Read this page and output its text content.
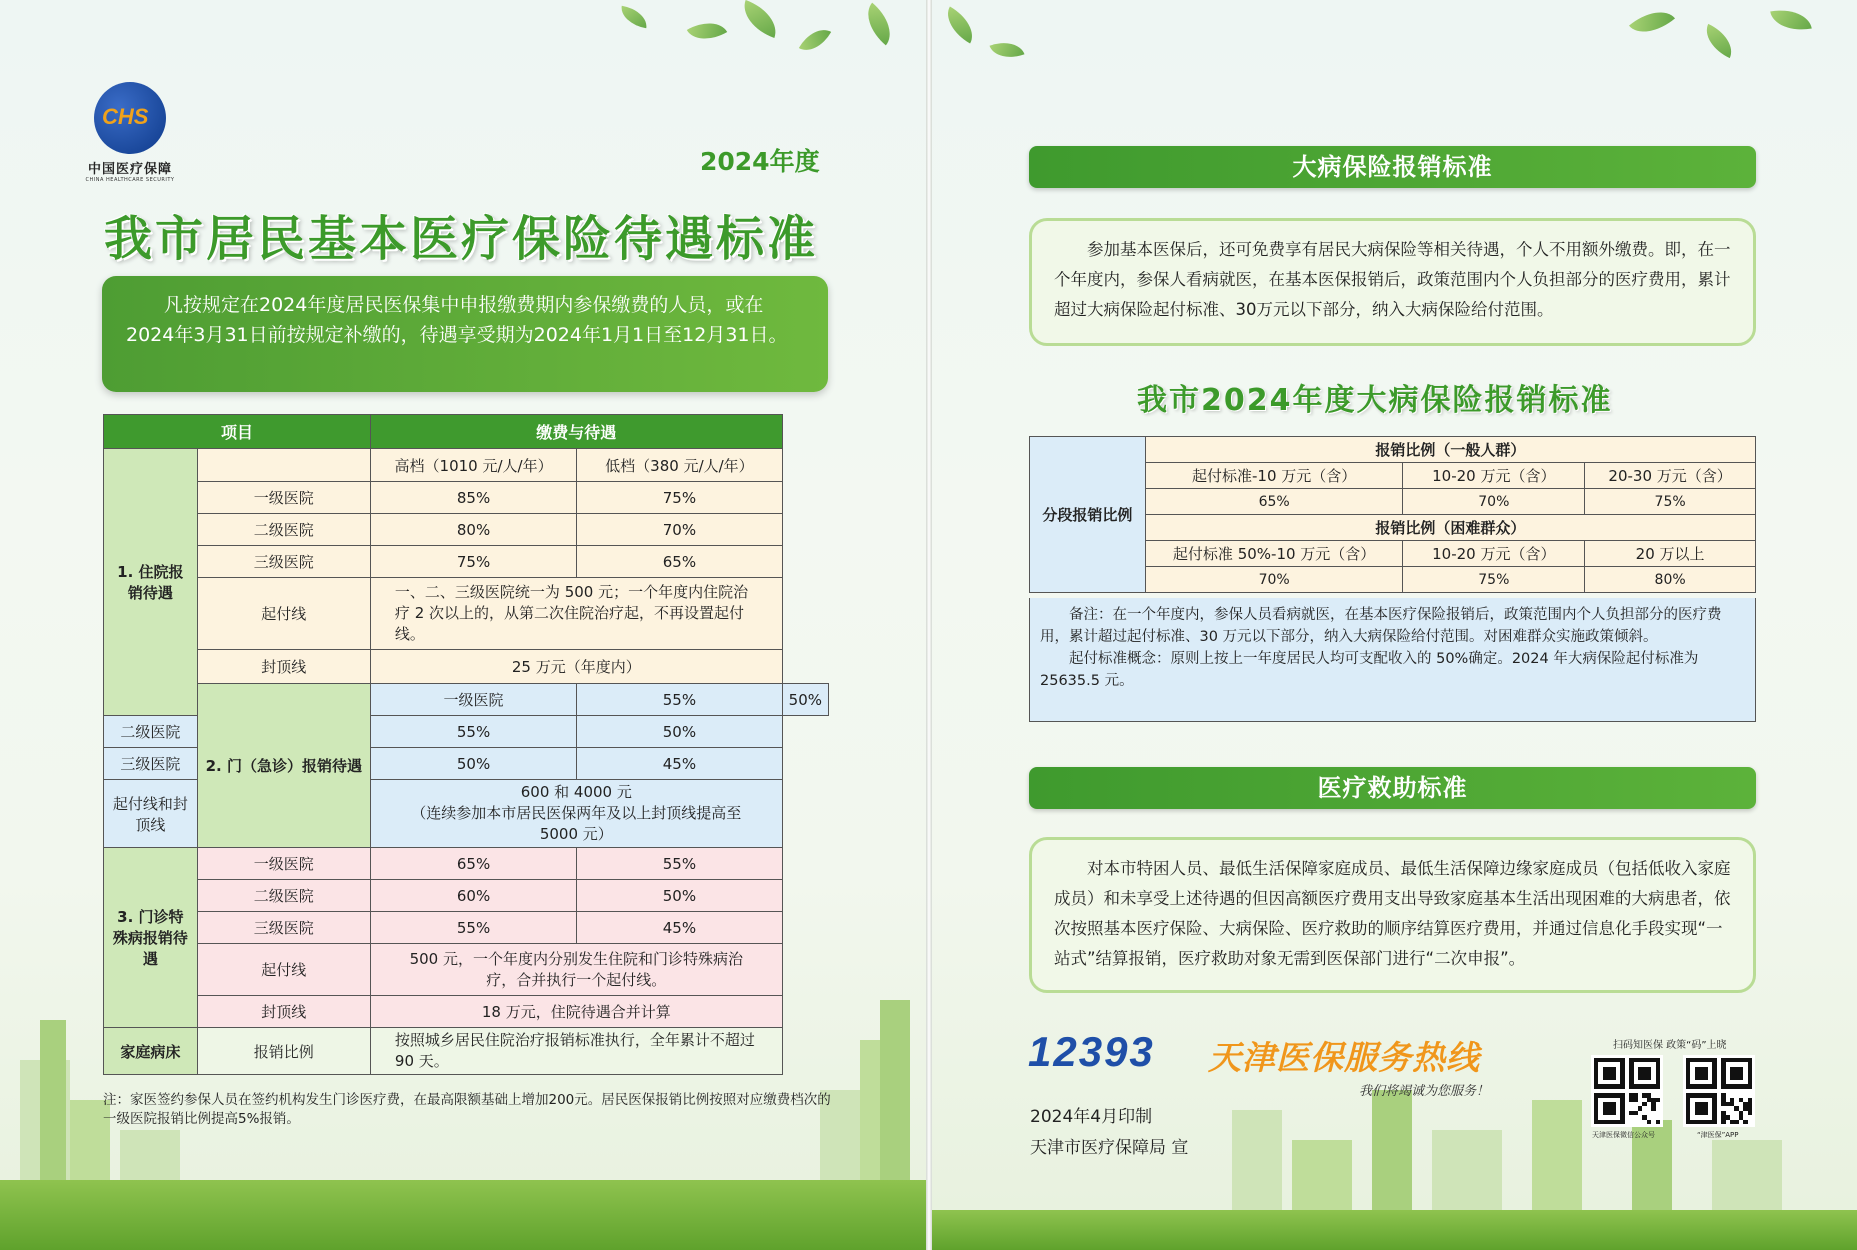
CHS
中国医疗保障
CHINA HEALTHCARE SECURITY
2024年度
我市居民基本医疗保险待遇标准

凡按规定在2024年度居民医保集中申报缴费期内参保缴费的人员，或在2024年3月31日前按规定补缴的，待遇享受期为2024年1月1日至12月31日。

项目		缴费与待遇		
1. 住院报销待遇		高档（1010 元/人/年）	低档（380 元/人/年）	
	一级医院	85%	75%	
	二级医院	80%	70%	
	三级医院	75%	65%	
	起付线	一、二、三级医院统一为 500 元；一个年度内住院治疗 2 次以上的，从第二次住院治疗起，不再设置起付线。		
	封顶线	25 万元（年度内）		
	2. 门（急诊）报销待遇	一级医院	55%	50%
二级医院		55%	50%	
三级医院		50%	45%	
起付线和封顶线		600 和 4000 元
（连续参加本市居民医保两年及以上封顶线提高至 5000 元）		

3. 门诊特殊病报销待遇	一级医院	65%	55%	
	二级医院	60%	50%	
	三级医院	55%	45%	
	起付线	500 元，一个年度内分别发生住院和门诊特殊病治疗，合并执行一个起付线。		
	封顶线	18 万元，住院待遇合并计算		
家庭病床	报销比例	按照城乡居民住院治疗报销标准执行，全年累计不超过90 天。		
注：家医签约参保人员在签约机构发生门诊医疗费，在最高限额基础上增加200元。居民医保报销比例按照对应缴费档次的一级医院报销比例提高5%报销。
大病保险报销标准

参加基本医保后，还可免费享有居民大病保险等相关待遇，个人不用额外缴费。即，在一个年度内，参保人看病就医，在基本医保报销后，政策范围内个人负担部分的医疗费用，累计超过大病保险起付标准、30万元以下部分，纳入大病保险给付范围。

我市2024年度大病保险报销标准
分段报销比例	报销比例（一般人群）		
	起付标准-10 万元（含）	10-20 万元（含）	20-30 万元（含）
	65%	70%	75%
	报销比例（困难群众）		
	起付标准 50%-10 万元（含）	10-20 万元（含）	20 万以上
	70%	75%	80%

备注：在一个年度内，参保人员看病就医，在基本医疗保险报销后，政策范围内个人负担部分的医疗费用，累计超过起付标准、30 万元以下部分，纳入大病保险给付范围。对困难群众实施政策倾斜。

起付标准概念：原则上按上一年度居民人均可支配收入的 50%确定。2024 年大病保险起付标准为 25635.5 元。

医疗救助标准

对本市特困人员、最低生活保障家庭成员、最低生活保障边缘家庭成员（包括低收入家庭成员）和未享受上述待遇的但因高额医疗费用支出导致家庭基本生活出现困难的大病患者，依次按照基本医疗保险、大病保险、医疗救助的顺序结算医疗费用，并通过信息化手段实现“一站式”结算报销，医疗救助对象无需到医保部门进行“二次申报”。

12393 天津医保服务热线
我们将竭诚为您服务！
2024年4月印制
天津市医疗保障局 宣
扫码知医保 政策“码”上晓
天津医保微信公众号	“津医保”APP
